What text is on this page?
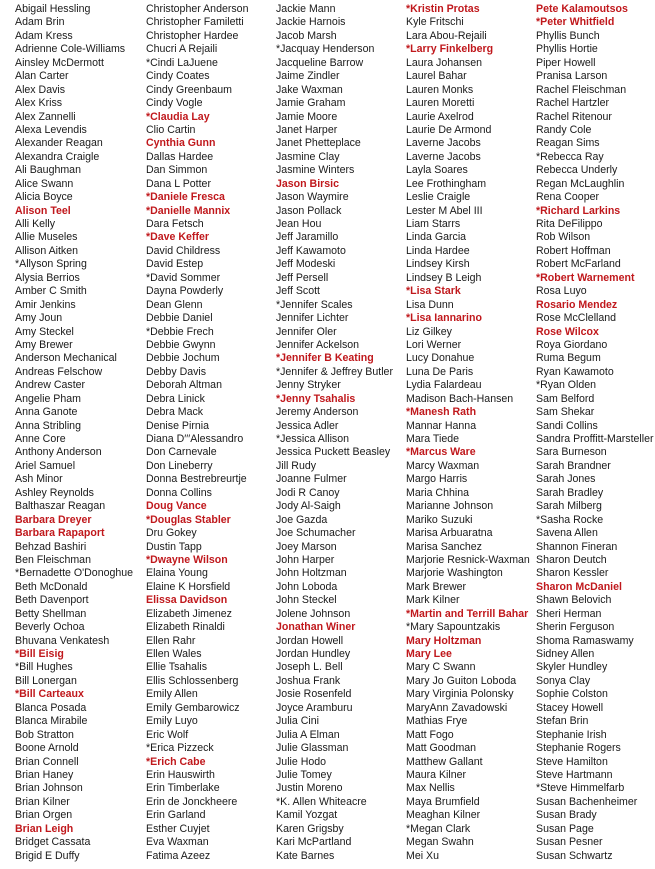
Abigail Hessling
Adam Brin
Adam Kress
Adrienne Cole-Williams
Ainsley McDermott
Alan Carter
Alex Davis
Alex Kriss
Alex Zannelli
Alexa Levendis
Alexander Reagan
Alexandra Craigle
Ali Baughman
Alice Swann
Alicia Boyce
Alison Teel
Alli Kelly
Allie Museles
Allison Aitken
*Allyson Spring
Alysia Berrios
Amber C Smith
Amir Jenkins
Amy Joun
Amy Steckel
Amy Brewer
Anderson Mechanical
Andreas Felschow
Andrew Caster
Angelie Pham
Anna Ganote
Anna Stribling
Anne Core
Anthony Anderson
Ariel Samuel
Ash Minor
Ashley Reynolds
Balthaszar Reagan
Barbara Dreyer
Barbara Rapaport
Behzad Bashiri
Ben Fleischman
*Bernadette O'Donoghue
Beth McDonald
Beth Davenport
Betty Shellman
Beverly Ochoa
Bhuvana Venkatesh
*Bill Eisig
*Bill Hughes
Bill Lonergan
*Bill Carteaux
Blanca Posada
Blanca Mirabile
Bob Stratton
Boone Arnold
Brian Connell
Brian Haney
Brian Johnson
Brian Kilner
Brian Orgen
Brian Leigh
Bridget Cassata
Brigid E Duffy
Christopher Anderson
Christopher Familetti
Christopher Hardee
Chucri A Rejaili
*Cindi LaJuene
Cindy Coates
Cindy Greenbaum
Cindy Vogle
*Claudia Lay
Clio Cartin
Cynthia Gunn
Dallas Hardee
Dan Simmon
Dana L Potter
*Daniele Fresca
*Danielle Mannix
Dara Fetsch
*Dave Keffer
David Childress
David Estep
*David Sommer
Dayna Powderly
Dean Glenn
Debbie Daniel
*Debbie Frech
Debbie Gwynn
Debbie Jochum
Debby Davis
Deborah Altman
Debra Linick
Debra Mack
Denise Pirnia
Diana D′′′Alessandro
Don Carnevale
Don Lineberry
Donna Bestrebreurtje
Donna Collins
Doug Vance
*Douglas Stabler
Dru Gokey
Dustin Tapp
*Dwayne Wilson
Elaina Young
Elaine K Horsfield
Elissa Davidson
Elizabeth Jimenez
Elizabeth Rinaldi
Ellen Rahr
Ellen Wales
Ellie Tsahalis
Ellis Schlossenberg
Emily Allen
Emily Gembarowicz
Emily Luyo
Eric Wolf
*Erica Pizzeck
*Erich Cabe
Erin Hauswirth
Erin Timberlake
Erin de Jonckheere
Erin Garland
Esther Cuyjet
Eva Waxman
Fatima Azeez
Jackie Mann
Jackie Harnois
Jacob Marsh
*Jacquay Henderson
Jacqueline Barrow
Jaime Zindler
Jake Waxman
Jamie Graham
Jamie Moore
Janet Harper
Janet Phetteplace
Jasmine Clay
Jasmine Winters
Jason Birsic
Jason Waymire
Jason Pollack
Jean Hou
Jeff Jaramillo
Jeff Kawamoto
Jeff Modeski
Jeff Persell
Jeff Scott
*Jennifer Scales
Jennifer Lichter
Jennifer Oler
Jennifer Ackelson
*Jennifer B Keating
*Jennifer & Jeffrey Butler
Jenny Stryker
*Jenny Tsahalis
Jeremy Anderson
Jessica Adler
*Jessica Allison
Jessica Puckett Beasley
Jill Rudy
Joanne Fulmer
Jodi R Canoy
Jody Al-Saigh
Joe Gazda
Joe Schumacher
Joey Marson
John Harper
John Holtzman
John Loboda
John Steckel
Jolene Johnson
Jonathan Winer
Jordan Howell
Jordan Hundley
Joseph L. Bell
Joshua Frank
Josie Rosenfeld
Joyce Aramburu
Julia Cini
Julia A Elman
Julie Glassman
Julie Hodo
Julie Tomey
Justin Moreno
*K. Allen Whiteacre
Kamil Yozgat
Karen Grigsby
Kari McPartland
Kate Barnes
*Kristin Protas
Kyle Fritschi
Lara Abou-Rejaili
*Larry Finkelberg
Laura Johansen
Laurel Bahar
Lauren Monks
Lauren Moretti
Laurie Axelrod
Laurie De Armond
Laverne Jacobs
Laverne Jacobs
Layla Soares
Lee Frothingham
Leslie Craigle
Lester M Abel III
Liam Starrs
Linda Garcia
Linda Hardee
Lindsey Kirsh
Lindsey B Leigh
*Lisa Stark
Lisa Dunn
*Lisa Iannarino
Liz Gilkey
Lori Werner
Lucy Donahue
Luna De Paris
Lydia Falardeau
Madison Bach-Hansen
*Manesh Rath
Mannar Hanna
Mara Tiede
*Marcus Ware
Marcy Waxman
Margo Harris
Maria Chhina
Marianne Johnson
Mariko Suzuki
Marisa Arbuaratna
Marisa Sanchez
Marjorie Resnick-Waxman
Marjorie Washington
Mark Brewer
Mark Kilner
*Martin and Terrill Bahar
*Mary Sapountzakis
Mary Holtzman
Mary Lee
Mary C Swann
Mary Jo Guiton Loboda
Mary Virginia Polonsky
MaryAnn Zavadowski
Mathias Frye
Matt Fogo
Matt Goodman
Matthew Gallant
Maura Kilner
Max Nellis
Maya Brumfield
Meaghan Kilner
*Megan Clark
Megan Swahn
Mei Xu
Pete Kalamoutsos
*Peter Whitfield
Phyllis Bunch
Phyllis Hortie
Piper Howell
Pranisa Larson
Rachel Fleischman
Rachel Hartzler
Rachel Ritenour
Randy Cole
Reagan Sims
*Rebecca Ray
Rebecca Underly
Regan McLaughlin
Rena Cooper
*Richard Larkins
Rita DeFilippo
Rob Wilson
Robert Hoffman
Robert McFarland
*Robert Warnement
Rosa Luyo
Rosario Mendez
Rose McClelland
Rose Wilcox
Roya Giordano
Ruma Begum
Ryan Kawamoto
*Ryan Olden
Sam Belford
Sam Shekar
Sandi Collins
Sandra Proffitt-Marsteller
Sara Burneson
Sarah Brandner
Sarah Jones
Sarah Bradley
Sarah Milberg
*Sasha Rocke
Savena Allen
Shannon Fineran
Sharon Deutch
Sharon Kessler
Sharon McDaniel
Shawn Belovich
Sheri Herman
Sherin Ferguson
Shoma Ramaswamy
Sidney Allen
Skyler Hundley
Sonya Clay
Sophie Colston
Stacey Howell
Stefan Brin
Stephanie Irish
Stephanie Rogers
Steve Hamilton
Steve Hartmann
*Steve Himmelfarb
Susan Bachenheimer
Susan Brady
Susan Page
Susan Pesner
Susan Schwartz
